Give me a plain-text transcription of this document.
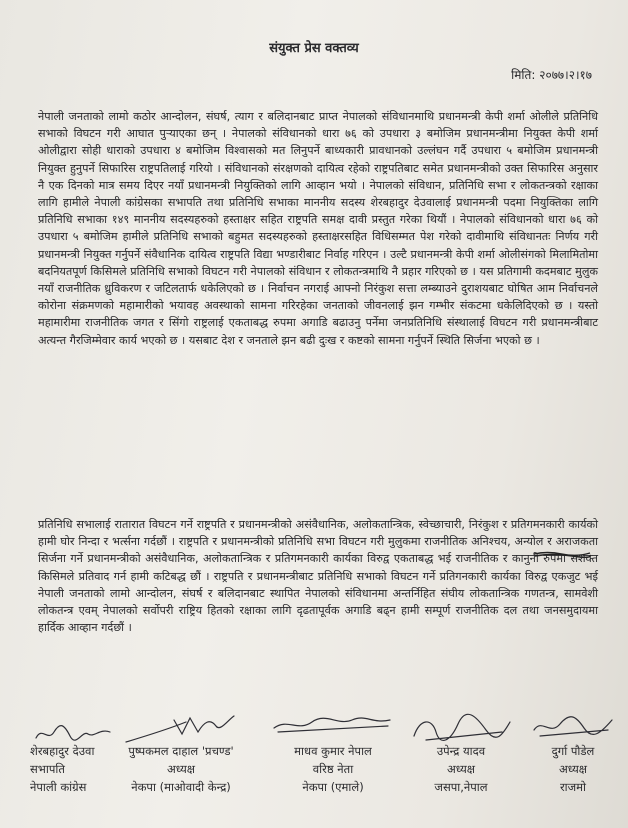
संयुक्त प्रेस वक्तव्य
मिति: २०७७।२।१७

नेपाली जनताको लामो कठोर आन्दोलन, संघर्ष, त्याग र बलिदानबाट प्राप्त नेपालको संविधानमाथि प्रधानमन्त्री केपी शर्मा ओलीले प्रतिनिधि सभाको विघटन गरी आघात पुर्‍याएका छन् । नेपालको संविधानको धारा ७६ को उपधारा ३ बमोजिम प्रधानमन्त्रीमा नियुक्त केपी शर्मा ओलीद्वारा सोही धाराको उपधारा ४ बमोजिम विश्वासको मत लिनुपर्ने बाध्यकारी प्रावधानको उल्लंघन गर्दै उपधारा ५ बमोजिम प्रधानमन्त्री नियुक्त हुनुपर्ने सिफारिस राष्ट्रपतिलाई गरियो । संविधानको संरक्षणको दायित्व रहेको राष्ट्रपतिबाट समेत प्रधानमन्त्रीको उक्त सिफारिस अनुसार नै एक दिनको मात्र समय दिएर नयाँ प्रधानमन्त्री नियुक्तिको लागि आव्हान भयो । नेपालको संविधान, प्रतिनिधि सभा र लोकतन्त्रको रक्षाका लागि हामीले नेपाली कांग्रेसका सभापति तथा प्रतिनिधि सभाका माननीय सदस्य शेरबहादुर देउवालाई प्रधानमन्त्री पदमा नियुक्तिका लागि प्रतिनिधि सभाका १४९ माननीय सदस्यहरुको हस्ताक्षर सहित राष्ट्रपति समक्ष दावी प्रस्तुत गरेका थियौं । नेपालको संविधानको धारा ७६ को उपधारा ५ बमोजिम हामीले प्रतिनिधि सभाको बहुमत सदस्यहरुको हस्ताक्षरसहित विधिसम्मत पेश गरेको दावीमाथि संविधानतः निर्णय गरी प्रधानमन्त्री नियुक्त गर्नुपर्ने संवैधानिक दायित्व राष्ट्रपति विद्या भण्डारीबाट निर्वाह गरिएन । उल्टै प्रधानमन्त्री केपी शर्मा ओलीसंगको मिलामितोमा बदनियतपूर्ण किसिमले प्रतिनिधि सभाको विघटन गरी नेपालको संविधान र लोकतन्त्रमाथि नै प्रहार गरिएको छ । यस प्रतिगामी कदमबाट मुलुक नयाँ राजनीतिक ध्रुविकरण र जटिलतार्फ धकेलिएको छ । निर्वाचन नगराई आफ्नो निरंकुश सत्ता लम्ब्याउने दुराशयबाट घोषित आम निर्वाचनले कोरोना संक्रमणको महामारीको भयावह अवस्थाको सामना गरिरहेका जनताको जीवनलाई झन गम्भीर संकटमा धकेलिदिएको छ । यस्तो महामारीमा राजनीतिक जगत र सिंगो राष्ट्रलाई एकताबद्ध रुपमा अगाडि बढाउनु पर्नेमा जनप्रतिनिधि संस्थालाई विघटन गरी प्रधानमन्त्रीबाट अत्यन्त गैरजिम्मेवार कार्य भएको छ । यसबाट देश र जनताले झन बढी दुःख र कष्टको सामना गर्नुपर्ने स्थिति सिर्जना भएको छ ।

प्रतिनिधि सभालाई रातारात विघटन गर्ने राष्ट्रपति र प्रधानमन्त्रीको असंवैधानिक, अलोकतान्त्रिक, स्वेच्छाचारी, निरंकुश र प्रतिगमनकारी कार्यको हामी घोर निन्दा र भर्त्सना गर्दछौं । राष्ट्रपति र प्रधानमन्त्रीको प्रतिनिधि सभा विघटन गरी मुलुकमा राजनीतिक अनिश्चय, अन्योल र अराजकता सिर्जना गर्ने प्रधानमन्त्रीको असंवैधानिक, अलोकतान्त्रिक र प्रतिगमनकारी कार्यका विरुद्व एकताबद्ध भई राजनीतिक र कानुनी रुपमा सशक्त किसिमले प्रतिवाद गर्न हामी कटिबद्ध छौं । राष्ट्रपति र प्रधानमन्त्रीबाट प्रतिनिधि सभाको विघटन गर्ने प्रतिगनकारी कार्यका विरुद्व एकजुट भई नेपाली जनताको लामो आन्दोलन, संघर्ष र बलिदानबाट स्थापित नेपालको संविधानमा अन्तर्निहित संघीय लोकतान्त्रिक गणतन्त्र, सामवेशी लोकतन्त्र एवम् नेपालको सर्वोपरी राष्ट्रिय हितको रक्षाका लागि दृढतापूर्वक अगाडि बढ्न हामी सम्पूर्ण राजनीतिक दल तथा जनसमुदायमा हार्दिक आव्हान गर्दछौं ।

शेरबहादुर देउवा
सभापति
नेपाली कांग्रेस
पुष्पकमल दाहाल 'प्रचण्ड'
अध्यक्ष
नेकपा (माओवादी केन्द्र)
माधव कुमार नेपाल
वरिष्ठ नेता
नेकपा (एमाले)
उपेन्द्र यादव
अध्यक्ष
जसपा,नेपाल
दुर्गा पौडेल
अध्यक्ष
राजमो
